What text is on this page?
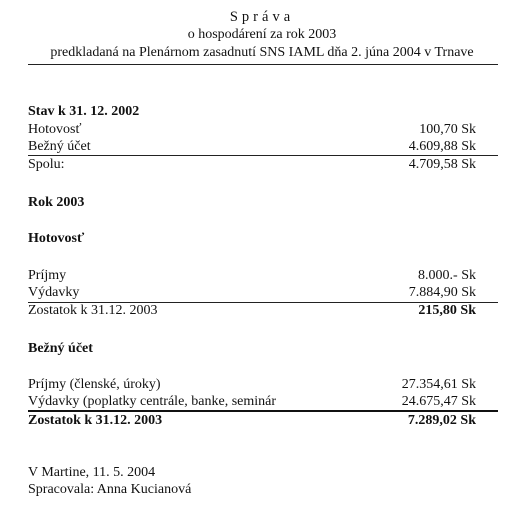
Správa
o hospodárení za rok 2003
predkladaná na Plenárnom zasadnutí SNS IAML dňa 2. júna 2004 v Trnave
Stav k 31. 12. 2002
Hotovosť	100,70 Sk
Bežný účet	4.609,88 Sk
Spolu:	4.709,58 Sk
Rok 2003
Hotovosť
Príjmy	8.000.- Sk
Výdavky	7.884,90 Sk
Zostatok k 31.12. 2003	215,80 Sk
Bežný účet
Príjmy (členské, úroky)	27.354,61 Sk
Výdavky (poplatky centrále, banke, seminár	24.675,47 Sk
Zostatok k 31.12. 2003	7.289,02 Sk
V Martine, 11. 5. 2004
Spracovala: Anna Kucianová
